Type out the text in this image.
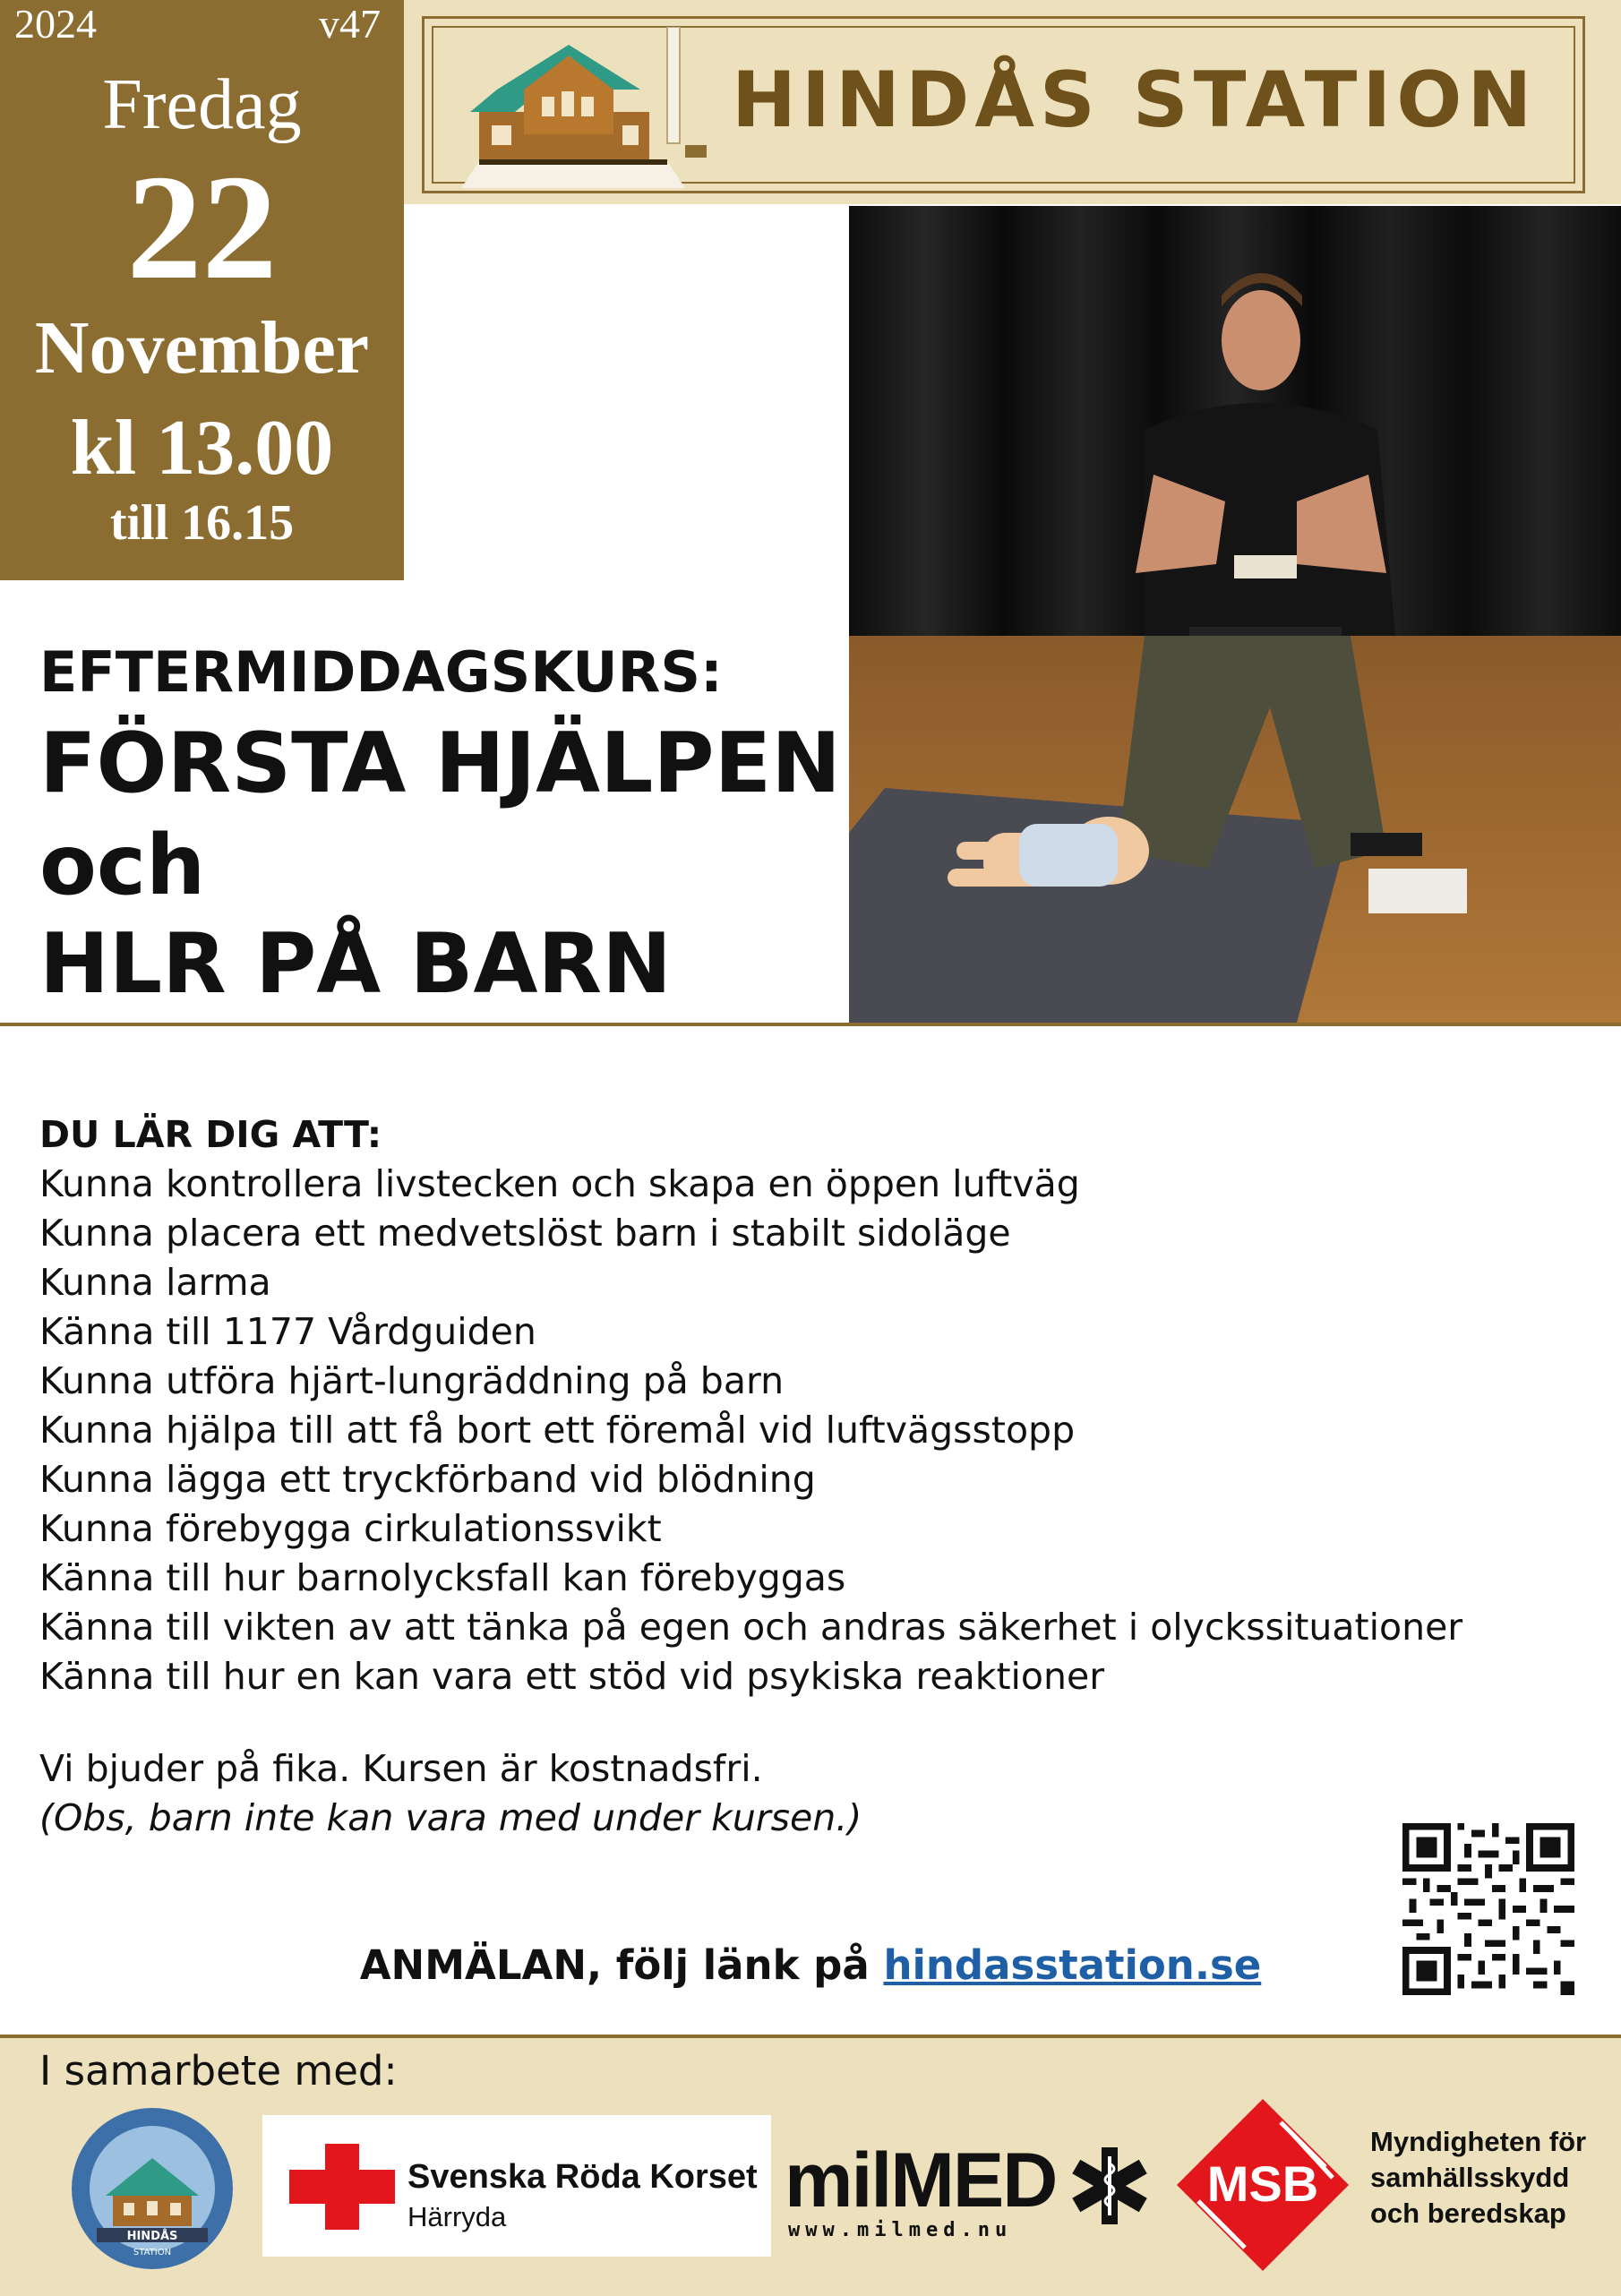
2024	v47
Fredag
22
November
kl 13.00
till 16.15
HINDÅS STATION
EFTERMIDDAGSKURS:
FÖRSTA HJÄLPEN
och
HLR PÅ BARN
DU LÄR DIG ATT:
Kunna kontrollera livstecken och skapa en öppen luftväg
Kunna placera ett medvetslöst barn i stabilt sidoläge
Kunna larma
Känna till 1177 Vårdguiden
Kunna utföra hjärt-lungräddning på barn
Kunna hjälpa till att få bort ett föremål vid luftvägsstopp
Kunna lägga ett tryckförband vid blödning
Kunna förebygga cirkulationssvikt
Känna till hur barnolycksfall kan förebyggas
Känna till vikten av att tänka på egen och andras säkerhet i olyckssituationer
Känna till hur en kan vara ett stöd vid psykiska reaktioner
Vi bjuder på fika. Kursen är kostnadsfri.
(Obs, barn inte kan vara med under kursen.)
ANMÄLAN, följ länk på hindasstation.se
I samarbete med:
HINDÅS
STATION
Svenska Röda Korset
Härryda	milMED
www.milmed.nu
MSB
Myndigheten för
samhällsskydd
och beredskap
